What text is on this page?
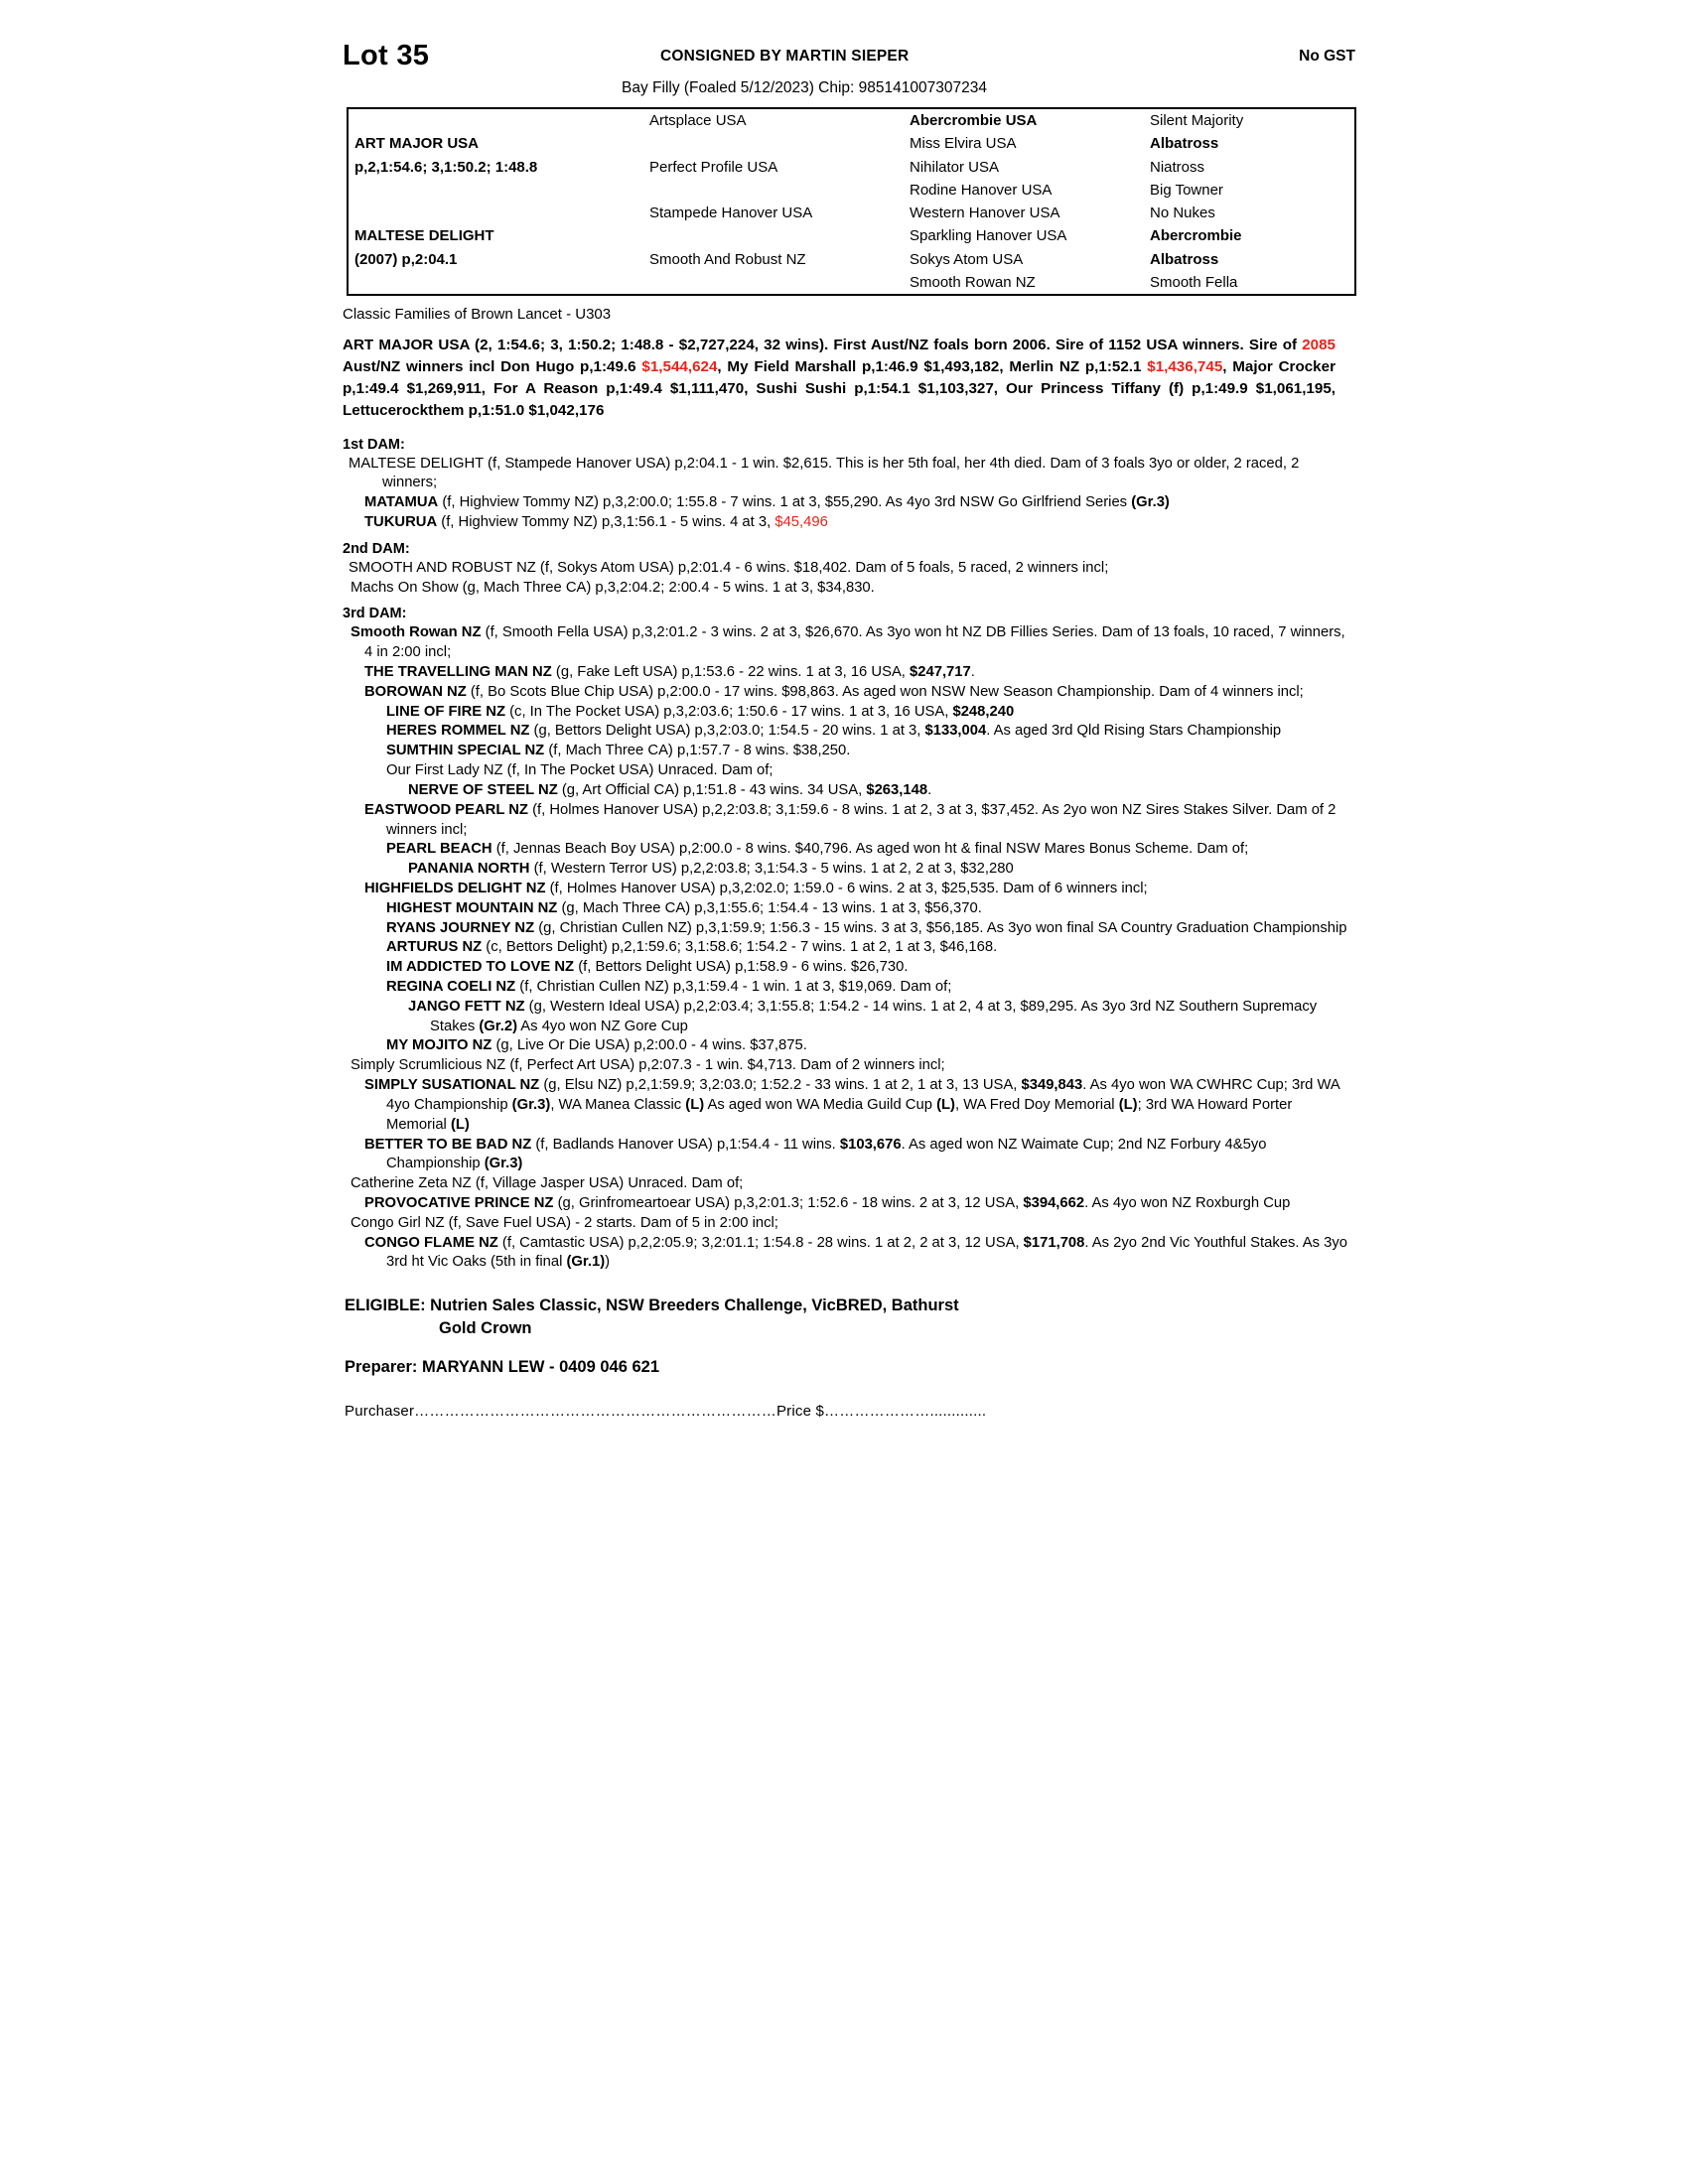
Lot 35	CONSIGNED BY MARTIN SIEPER	No GST
Bay Filly (Foaled 5/12/2023) Chip: 985141007307234
	Artsplace USA	Abercrombie USA	Silent Majority
ART MAJOR USA		Miss Elvira USA	Albatross
p,2,1:54.6; 3,1:50.2; 1:48.8	Perfect Profile USA	Nihilator USA	Niatross
		Rodine Hanover USA	Big Towner
	Stampede Hanover USA	Western Hanover USA	No Nukes
MALTESE DELIGHT		Sparkling Hanover USA	Abercrombie
(2007) p,2:04.1	Smooth And Robust NZ	Sokys Atom USA	Albatross
		Smooth Rowan NZ	Smooth Fella
Classic Families of Brown Lancet - U303
ART MAJOR USA (2, 1:54.6; 3, 1:50.2; 1:48.8 - $2,727,224, 32 wins). First Aust/NZ foals born 2006. Sire of 1152 USA winners. Sire of 2085 Aust/NZ winners incl Don Hugo p,1:49.6 $1,544,624, My Field Marshall p,1:46.9 $1,493,182, Merlin NZ p,1:52.1 $1,436,745, Major Crocker p,1:49.4 $1,269,911, For A Reason p,1:49.4 $1,111,470, Sushi Sushi p,1:54.1 $1,103,327, Our Princess Tiffany (f) p,1:49.9 $1,061,195, Lettucerockthem p,1:51.0 $1,042,176
1st DAM:

MALTESE DELIGHT (f, Stampede Hanover USA) p,2:04.1 - 1 win. $2,615. This is her 5th foal, her 4th died. Dam of 3 foals 3yo or older, 2 raced, 2 winners;

MATAMUA (f, Highview Tommy NZ) p,3,2:00.0; 1:55.8 - 7 wins. 1 at 3, $55,290. As 4yo 3rd NSW Go Girlfriend Series (Gr.3)

TUKURUA (f, Highview Tommy NZ) p,3,1:56.1 - 5 wins. 4 at 3, $45,496

2nd DAM:

SMOOTH AND ROBUST NZ (f, Sokys Atom USA) p,2:01.4 - 6 wins. $18,402. Dam of 5 foals, 5 raced, 2 winners incl;

Machs On Show (g, Mach Three CA) p,3,2:04.2; 2:00.4 - 5 wins. 1 at 3, $34,830.

3rd DAM:

Smooth Rowan NZ (f, Smooth Fella USA) p,3,2:01.2 - 3 wins. 2 at 3, $26,670. As 3yo won ht NZ DB Fillies Series. Dam of 13 foals, 10 raced, 7 winners, 4 in 2:00 incl;

THE TRAVELLING MAN NZ (g, Fake Left USA) p,1:53.6 - 22 wins. 1 at 3, 16 USA, $247,717.

BOROWAN NZ (f, Bo Scots Blue Chip USA) p,2:00.0 - 17 wins. $98,863. As aged won NSW New Season Championship. Dam of 4 winners incl;

LINE OF FIRE NZ (c, In The Pocket USA) p,3,2:03.6; 1:50.6 - 17 wins. 1 at 3, 16 USA, $248,240

HERES ROMMEL NZ (g, Bettors Delight USA) p,3,2:03.0; 1:54.5 - 20 wins. 1 at 3, $133,004. As aged 3rd Qld Rising Stars Championship

SUMTHIN SPECIAL NZ (f, Mach Three CA) p,1:57.7 - 8 wins. $38,250.

Our First Lady NZ (f, In The Pocket USA) Unraced. Dam of;

NERVE OF STEEL NZ (g, Art Official CA) p,1:51.8 - 43 wins. 34 USA, $263,148.

EASTWOOD PEARL NZ (f, Holmes Hanover USA) p,2,2:03.8; 3,1:59.6 - 8 wins. 1 at 2, 3 at 3, $37,452. As 2yo won NZ Sires Stakes Silver. Dam of 2 winners incl;

PEARL BEACH (f, Jennas Beach Boy USA) p,2:00.0 - 8 wins. $40,796. As aged won ht & final NSW Mares Bonus Scheme. Dam of;

PANANIA NORTH (f, Western Terror US) p,2,2:03.8; 3,1:54.3 - 5 wins. 1 at 2, 2 at 3, $32,280

HIGHFIELDS DELIGHT NZ (f, Holmes Hanover USA) p,3,2:02.0; 1:59.0 - 6 wins. 2 at 3, $25,535. Dam of 6 winners incl;

HIGHEST MOUNTAIN NZ (g, Mach Three CA) p,3,1:55.6; 1:54.4 - 13 wins. 1 at 3, $56,370.

RYANS JOURNEY NZ (g, Christian Cullen NZ) p,3,1:59.9; 1:56.3 - 15 wins. 3 at 3, $56,185. As 3yo won final SA Country Graduation Championship

ARTURUS NZ (c, Bettors Delight) p,2,1:59.6; 3,1:58.6; 1:54.2 - 7 wins. 1 at 2, 1 at 3, $46,168.

IM ADDICTED TO LOVE NZ (f, Bettors Delight USA) p,1:58.9 - 6 wins. $26,730.

REGINA COELI NZ (f, Christian Cullen NZ) p,3,1:59.4 - 1 win. 1 at 3, $19,069. Dam of;

JANGO FETT NZ (g, Western Ideal USA) p,2,2:03.4; 3,1:55.8; 1:54.2 - 14 wins. 1 at 2, 4 at 3, $89,295. As 3yo 3rd NZ Southern Supremacy Stakes (Gr.2) As 4yo won NZ Gore Cup

MY MOJITO NZ (g, Live Or Die USA) p,2:00.0 - 4 wins. $37,875.

Simply Scrumlicious NZ (f, Perfect Art USA) p,2:07.3 - 1 win. $4,713. Dam of 2 winners incl;

SIMPLY SUSATIONAL NZ (g, Elsu NZ) p,2,1:59.9; 3,2:03.0; 1:52.2 - 33 wins. 1 at 2, 1 at 3, 13 USA, $349,843. As 4yo won WA CWHRC Cup; 3rd WA 4yo Championship (Gr.3), WA Manea Classic (L) As aged won WA Media Guild Cup (L), WA Fred Doy Memorial (L); 3rd WA Howard Porter Memorial (L)

BETTER TO BE BAD NZ (f, Badlands Hanover USA) p,1:54.4 - 11 wins. $103,676. As aged won NZ Waimate Cup; 2nd NZ Forbury 4&5yo Championship (Gr.3)

Catherine Zeta NZ (f, Village Jasper USA) Unraced. Dam of;

PROVOCATIVE PRINCE NZ (g, Grinfromeartoear USA) p,3,2:01.3; 1:52.6 - 18 wins. 2 at 3, 12 USA, $394,662. As 4yo won NZ Roxburgh Cup

Congo Girl NZ (f, Save Fuel USA) - 2 starts. Dam of 5 in 2:00 incl;

CONGO FLAME NZ (f, Camtastic USA) p,2,2:05.9; 3,2:01.1; 1:54.8 - 28 wins. 1 at 2, 2 at 3, 12 USA, $171,708. As 2yo 2nd Vic Youthful Stakes. As 3yo 3rd ht Vic Oaks (5th in final (Gr.1))

ELIGIBLE: Nutrien Sales Classic, NSW Breeders Challenge, VicBRED, Bathurst
Gold Crown
Preparer: MARYANN LEW - 0409 046 621
Purchaser………………………………………………………………Price $………………….............
